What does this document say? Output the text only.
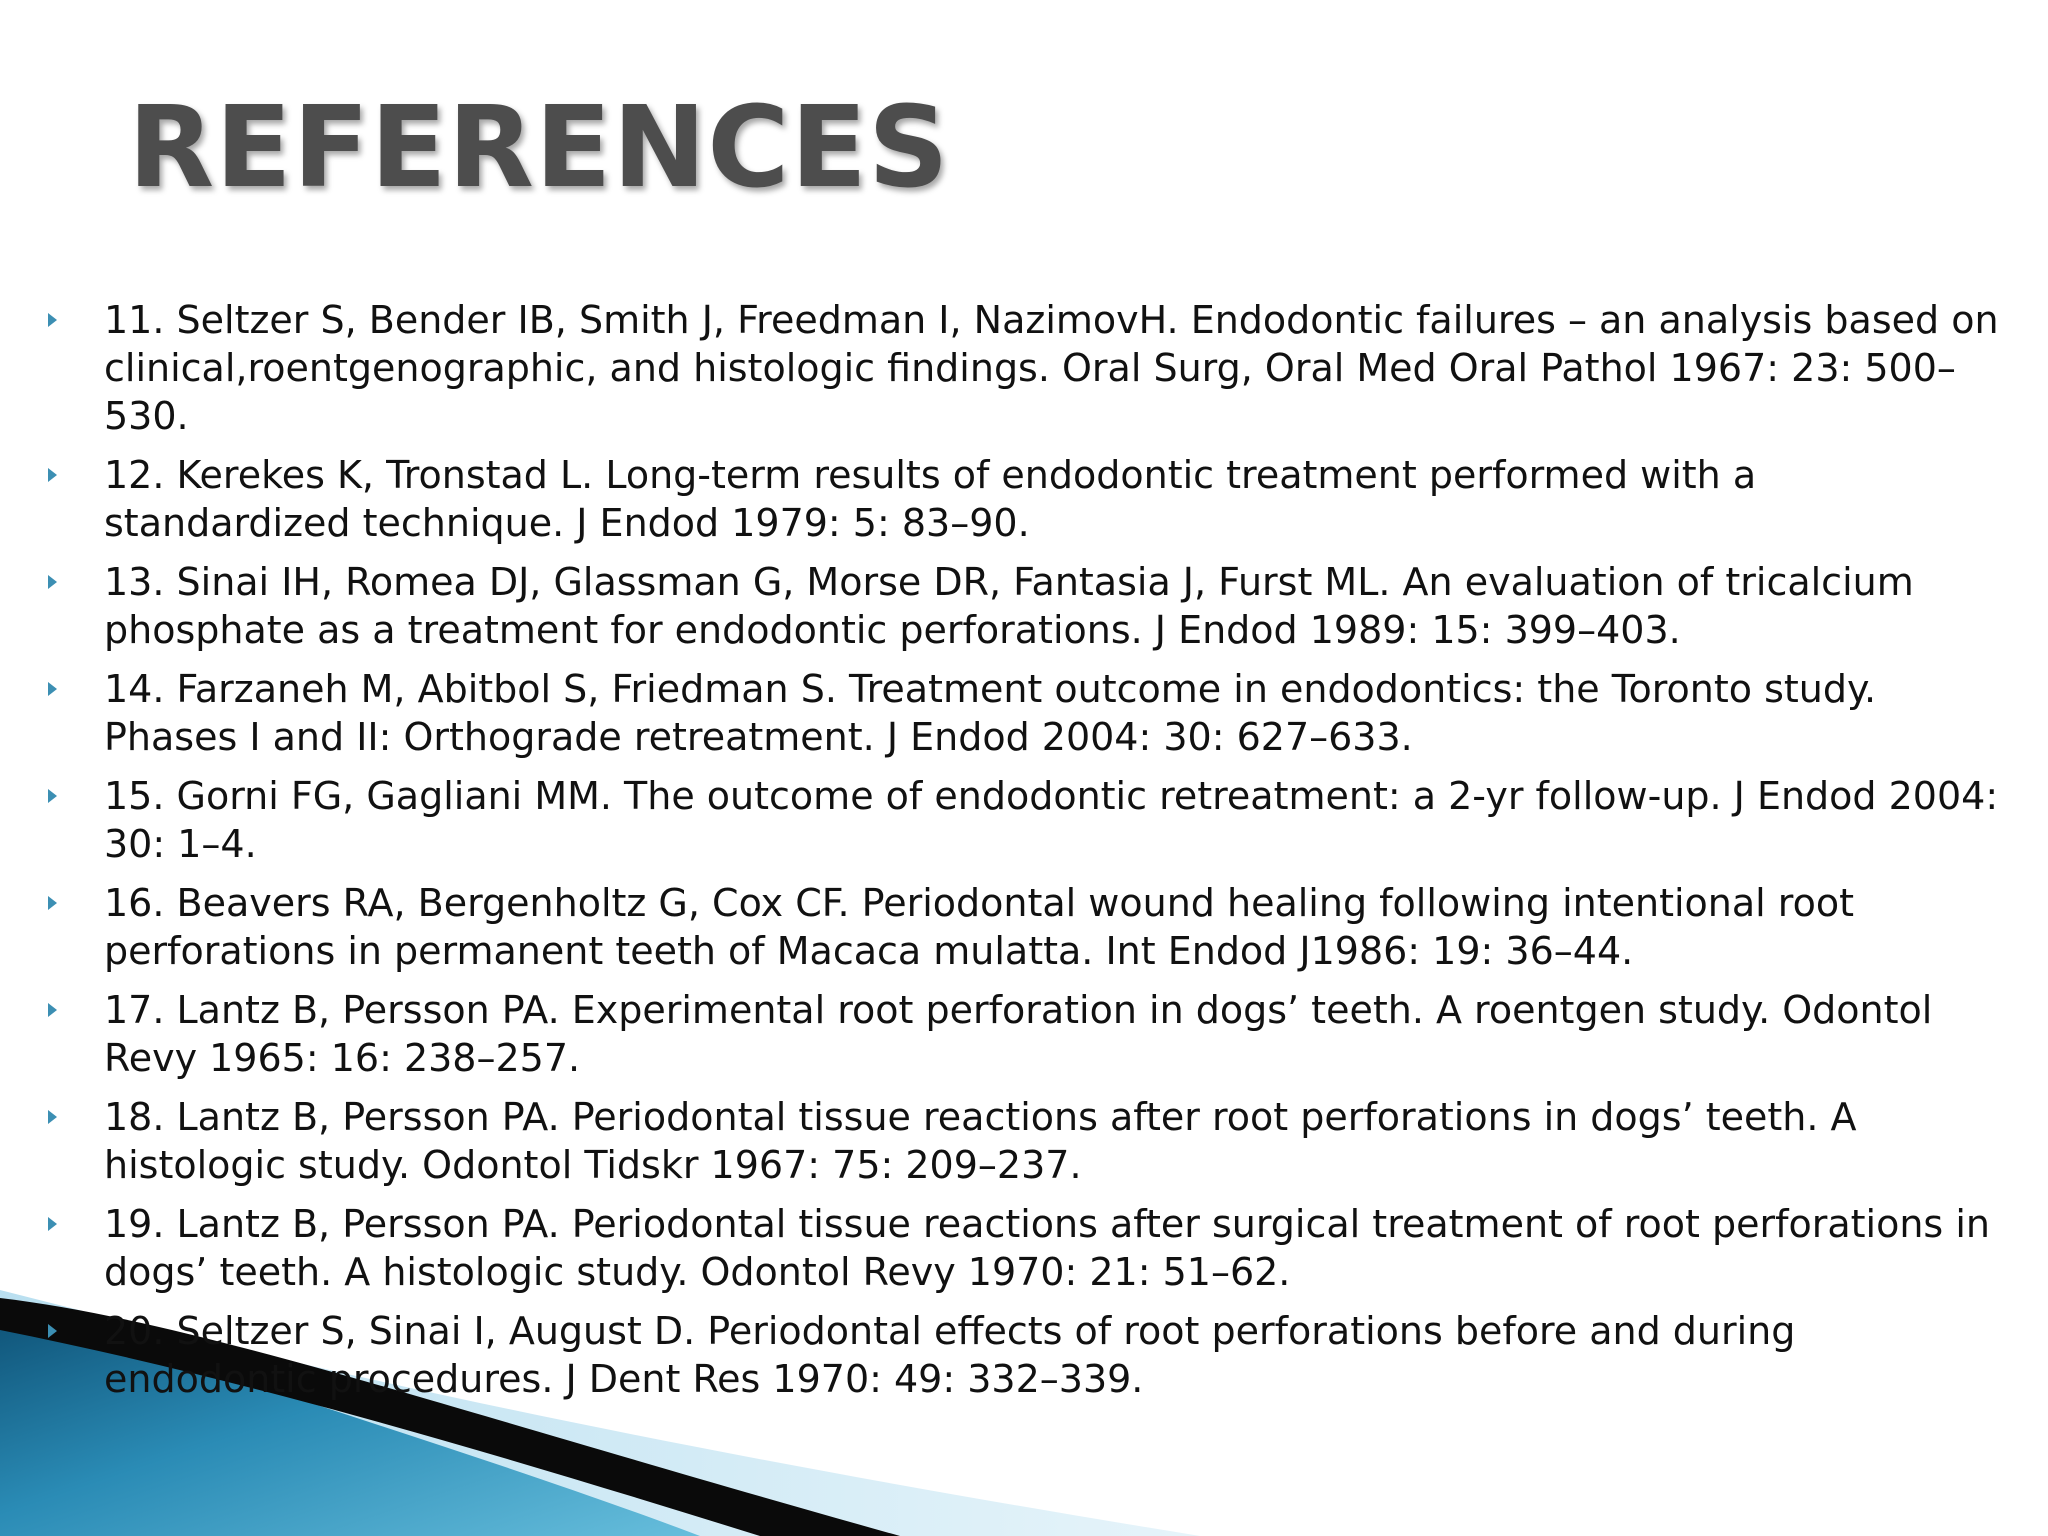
REFERENCES
11. Seltzer S, Bender IB, Smith J, Freedman I, NazimovH. Endodontic failures – an analysis based on clinical,roentgenographic, and histologic findings. Oral Surg, Oral Med Oral Pathol 1967: 23: 500–530.
12. Kerekes K, Tronstad L. Long-term results of endodontic treatment performed with a standardized technique. J Endod 1979: 5: 83–90.
13. Sinai IH, Romea DJ, Glassman G, Morse DR, Fantasia J, Furst ML. An evaluation of tricalcium phosphate as a treatment for endodontic perforations. J Endod 1989: 15: 399–403.
14. Farzaneh M, Abitbol S, Friedman S. Treatment outcome in endodontics: the Toronto study. Phases I and II: Orthograde retreatment. J Endod 2004: 30: 627–633.
15. Gorni FG, Gagliani MM. The outcome of endodontic retreatment: a 2-yr follow-up. J Endod 2004: 30: 1–4.
16. Beavers RA, Bergenholtz G, Cox CF. Periodontal wound healing following intentional root perforations in permanent teeth of Macaca mulatta. Int Endod J1986: 19: 36–44.
17. Lantz B, Persson PA. Experimental root perforation in dogs’ teeth. A roentgen study. Odontol Revy 1965: 16: 238–257.
18. Lantz B, Persson PA. Periodontal tissue reactions after root perforations in dogs’ teeth. A histologic study. Odontol Tidskr 1967: 75: 209–237.
19. Lantz B, Persson PA. Periodontal tissue reactions after surgical treatment of root perforations in dogs’ teeth. A histologic study. Odontol Revy 1970: 21: 51–62.
20. Seltzer S, Sinai I, August D. Periodontal effects of root perforations before and during endodontic procedures. J Dent Res 1970: 49: 332–339.
